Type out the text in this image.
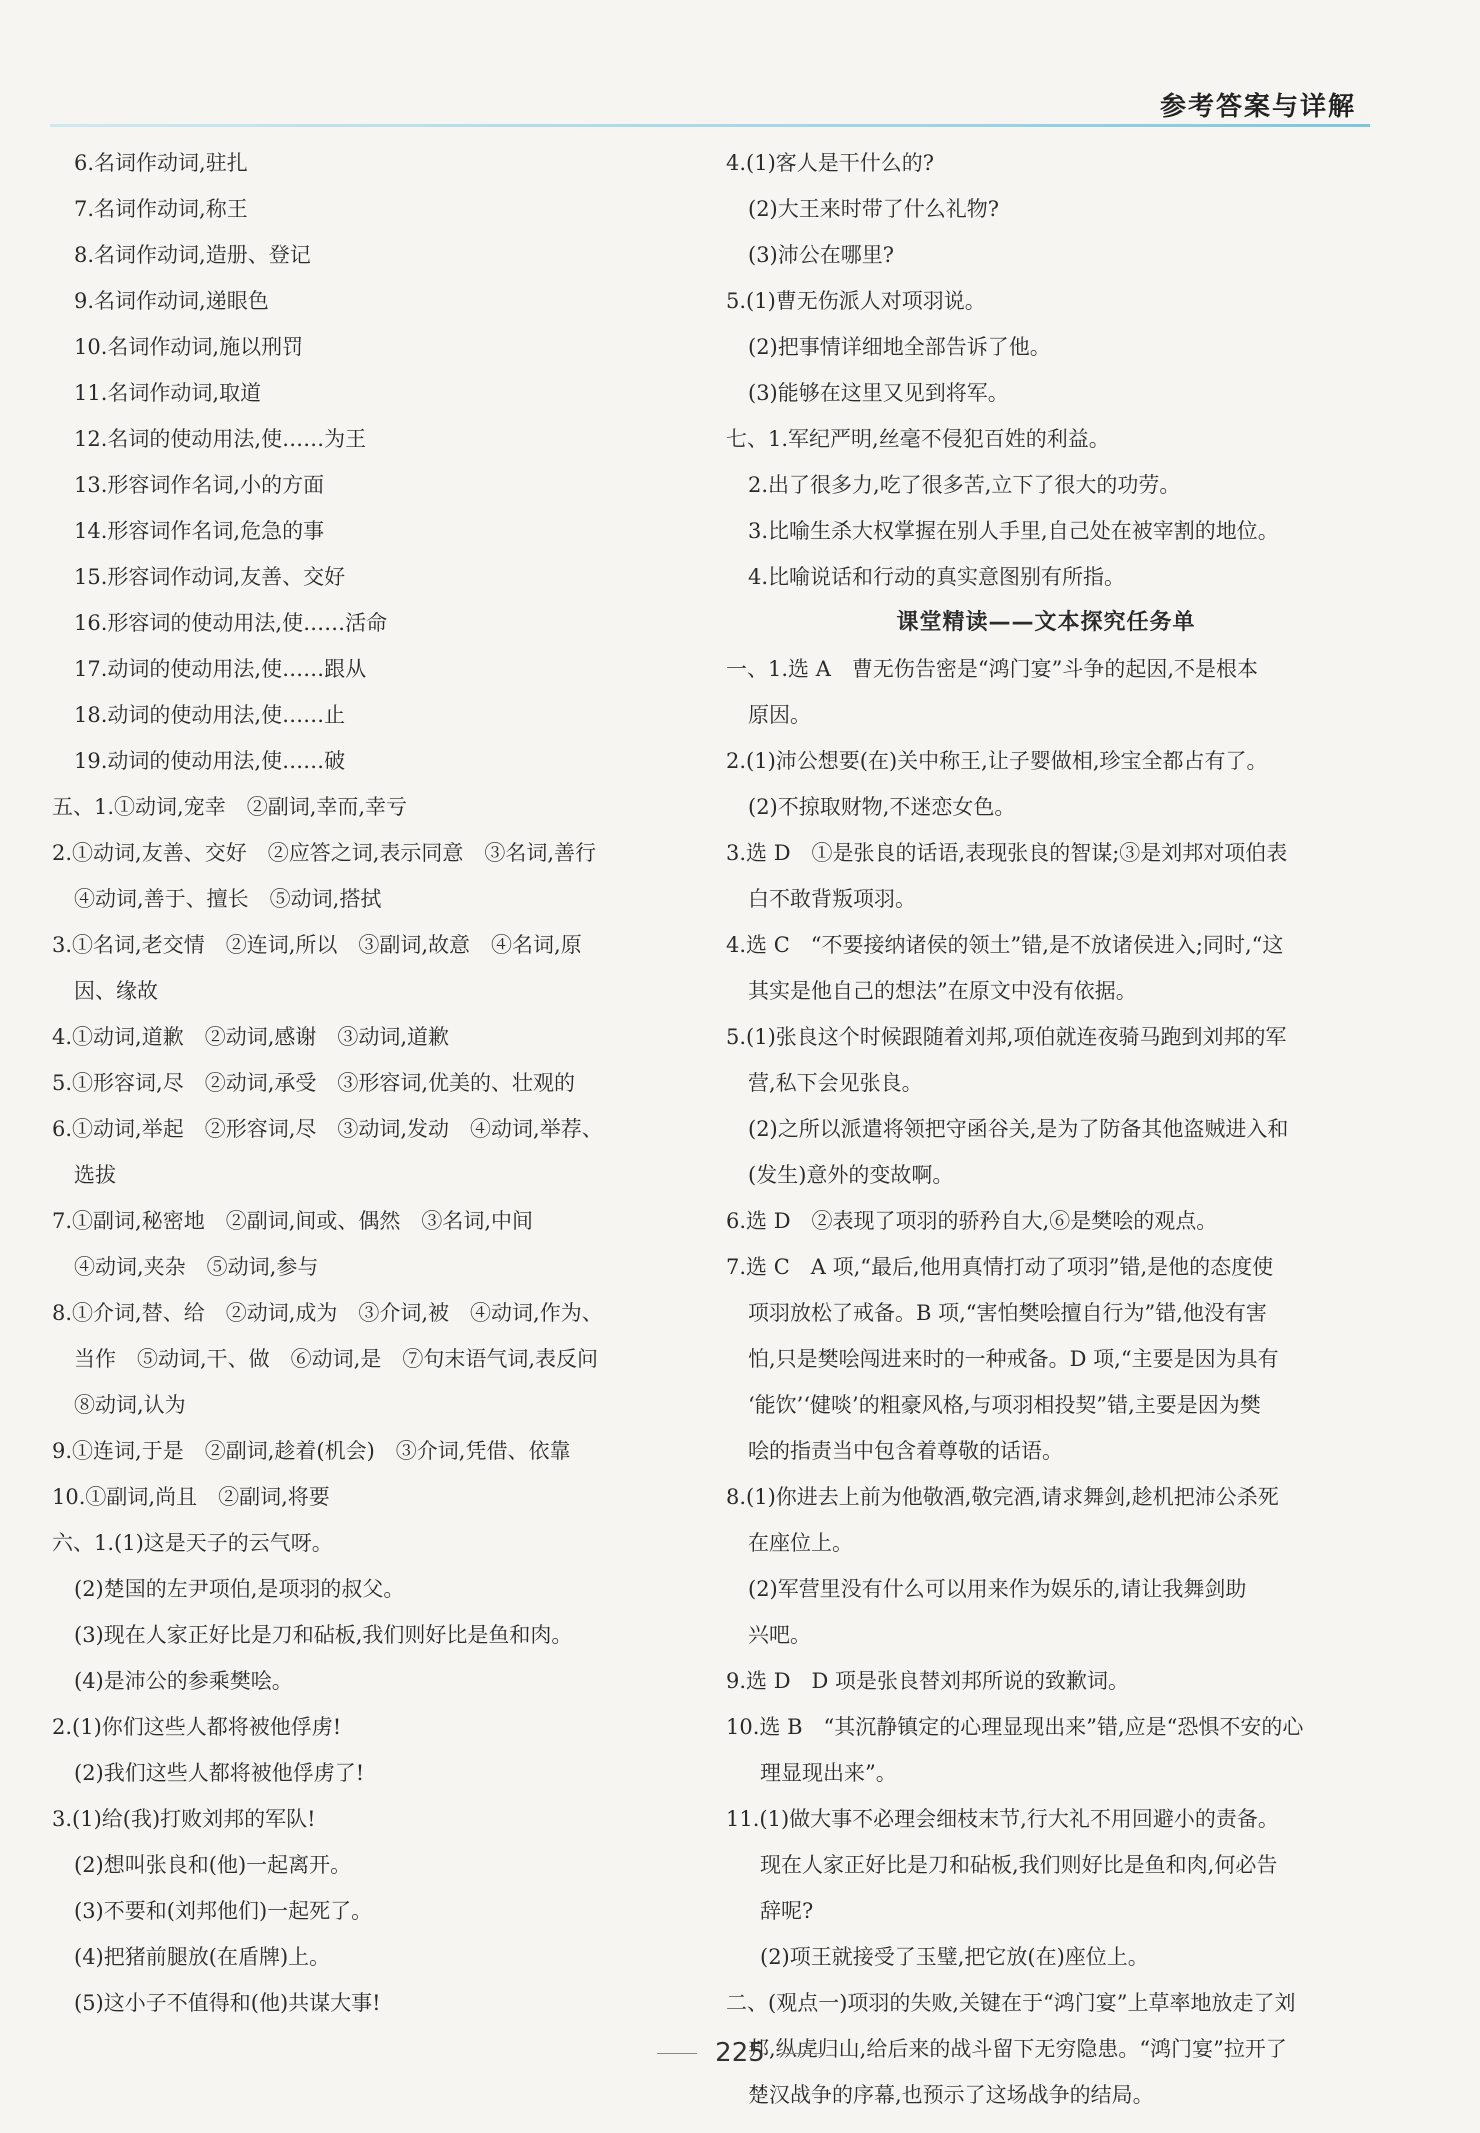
参考答案与详解
6.名词作动词,驻扎
7.名词作动词,称王
8.名词作动词,造册、登记
9.名词作动词,递眼色
10.名词作动词,施以刑罚
11.名词作动词,取道
12.名词的使动用法,使……为王
13.形容词作名词,小的方面
14.形容词作名词,危急的事
15.形容词作动词,友善、交好
16.形容词的使动用法,使……活命
17.动词的使动用法,使……跟从
18.动词的使动用法,使……止
19.动词的使动用法,使……破
五、1.①动词,宠幸　②副词,幸而,幸亏
2.①动词,友善、交好　②应答之词,表示同意　③名词,善行
④动词,善于、擅长　⑤动词,搭拭
3.①名词,老交情　②连词,所以　③副词,故意　④名词,原
因、缘故
4.①动词,道歉　②动词,感谢　③动词,道歉
5.①形容词,尽　②动词,承受　③形容词,优美的、壮观的
6.①动词,举起　②形容词,尽　③动词,发动　④动词,举荐、
选拔
7.①副词,秘密地　②副词,间或、偶然　③名词,中间
④动词,夹杂　⑤动词,参与
8.①介词,替、给　②动词,成为　③介词,被　④动词,作为、
当作　⑤动词,干、做　⑥动词,是　⑦句末语气词,表反问
⑧动词,认为
9.①连词,于是　②副词,趁着(机会)　③介词,凭借、依靠
10.①副词,尚且　②副词,将要
六、1.(1)这是天子的云气呀。
(2)楚国的左尹项伯,是项羽的叔父。
(3)现在人家正好比是刀和砧板,我们则好比是鱼和肉。
(4)是沛公的参乘樊哙。
2.(1)你们这些人都将被他俘虏!
(2)我们这些人都将被他俘虏了!
3.(1)给(我)打败刘邦的军队!
(2)想叫张良和(他)一起离开。
(3)不要和(刘邦他们)一起死了。
(4)把猪前腿放(在盾牌)上。
(5)这小子不值得和(他)共谋大事!
4.(1)客人是干什么的?
(2)大王来时带了什么礼物?
(3)沛公在哪里?
5.(1)曹无伤派人对项羽说。
(2)把事情详细地全部告诉了他。
(3)能够在这里又见到将军。
七、1.军纪严明,丝毫不侵犯百姓的利益。
2.出了很多力,吃了很多苦,立下了很大的功劳。
3.比喻生杀大权掌握在别人手里,自己处在被宰割的地位。
4.比喻说话和行动的真实意图别有所指。
课堂精读——文本探究任务单
一、1.选 A　曹无伤告密是“鸿门宴”斗争的起因,不是根本
原因。
2.(1)沛公想要(在)关中称王,让子婴做相,珍宝全都占有了。
(2)不掠取财物,不迷恋女色。
3.选 D　①是张良的话语,表现张良的智谋;③是刘邦对项伯表
白不敢背叛项羽。
4.选 C　“不要接纳诸侯的领土”错,是不放诸侯进入;同时,“这
其实是他自己的想法”在原文中没有依据。
5.(1)张良这个时候跟随着刘邦,项伯就连夜骑马跑到刘邦的军
营,私下会见张良。
(2)之所以派遣将领把守函谷关,是为了防备其他盗贼进入和
(发生)意外的变故啊。
6.选 D　②表现了项羽的骄矜自大,⑥是樊哙的观点。
7.选 C　A 项,“最后,他用真情打动了项羽”错,是他的态度使
项羽放松了戒备。B 项,“害怕樊哙擅自行为”错,他没有害
怕,只是樊哙闯进来时的一种戒备。D 项,“主要是因为具有
‘能饮’‘健啖’的粗豪风格,与项羽相投契”错,主要是因为樊
哙的指责当中包含着尊敬的话语。
8.(1)你进去上前为他敬酒,敬完酒,请求舞剑,趁机把沛公杀死
在座位上。
(2)军营里没有什么可以用来作为娱乐的,请让我舞剑助
兴吧。
9.选 D　D 项是张良替刘邦所说的致歉词。
10.选 B　“其沉静镇定的心理显现出来”错,应是“恐惧不安的心
理显现出来”。
11.(1)做大事不必理会细枝末节,行大礼不用回避小的责备。
现在人家正好比是刀和砧板,我们则好比是鱼和肉,何必告
辞呢?
(2)项王就接受了玉璧,把它放(在)座位上。
二、(观点一)项羽的失败,关键在于“鸿门宴”上草率地放走了刘
邦,纵虎归山,给后来的战斗留下无穷隐患。“鸿门宴”拉开了
楚汉战争的序幕,也预示了这场战争的结局。
225
